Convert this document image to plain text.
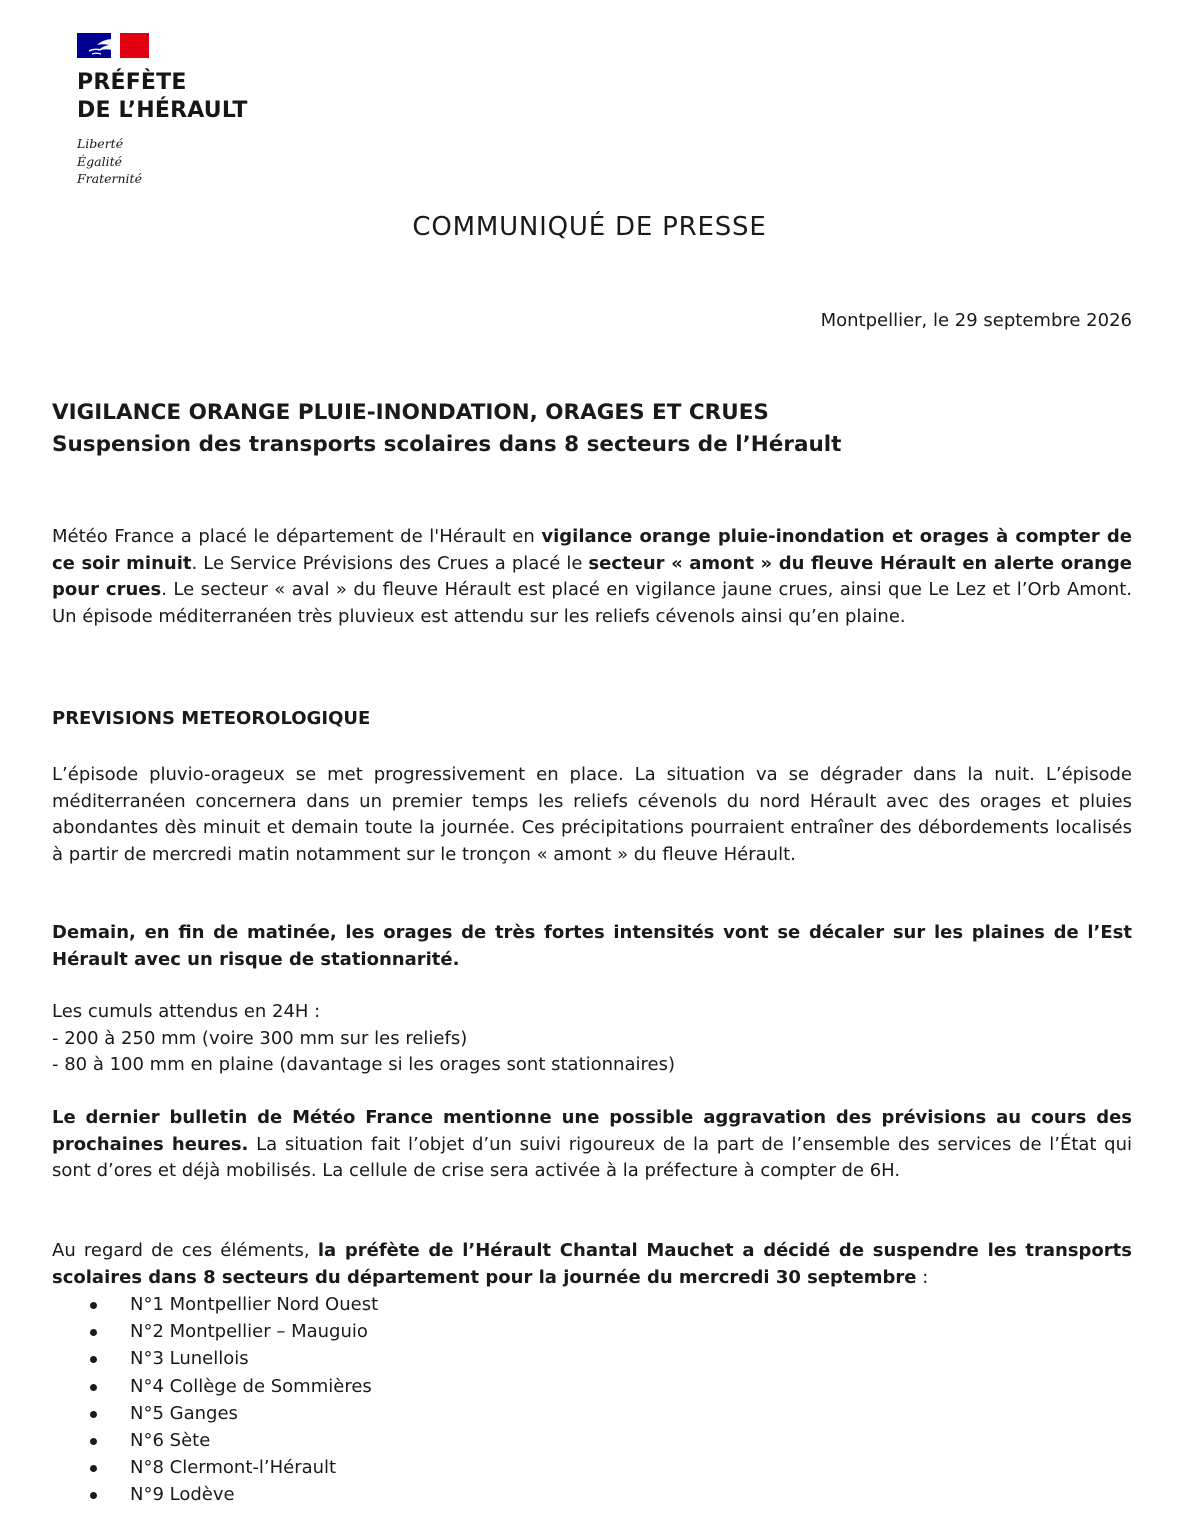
PRÉFÈTE
DE L’HÉRAULT
Liberté
Égalité
Fraternité
COMMUNIQUÉ DE PRESSE
Montpellier, le 29 septembre 2026
VIGILANCE ORANGE PLUIE-INONDATION, ORAGES ET CRUES
Suspension des transports scolaires dans 8 secteurs de l’Hérault
Météo France a placé le département de l'Hérault en vigilance orange pluie-inondation et orages à compter de ce soir minuit. Le Service Prévisions des Crues a placé le secteur « amont » du fleuve Hérault en alerte orange pour crues. Le secteur « aval » du fleuve Hérault est placé en vigilance jaune crues, ainsi que Le Lez et l’Orb Amont. Un épisode méditerranéen très pluvieux est attendu sur les reliefs cévenols ainsi qu’en plaine.
PREVISIONS METEOROLOGIQUE
L’épisode pluvio-orageux se met progressivement en place. La situation va se dégrader dans la nuit. L’épisode méditerranéen concernera dans un premier temps les reliefs cévenols du nord Hérault avec des orages et pluies abondantes dès minuit et demain toute la journée. Ces précipitations pourraient entraîner des débordements localisés à partir de mercredi matin notamment sur le tronçon « amont » du fleuve Hérault.
Demain, en fin de matinée, les orages de très fortes intensités vont se décaler sur les plaines de l’Est Hérault avec un risque de stationnarité.
Les cumuls attendus en 24H :
- 200 à 250 mm (voire 300 mm sur les reliefs)
- 80 à 100 mm en plaine (davantage si les orages sont stationnaires)
Le dernier bulletin de Météo France mentionne une possible aggravation des prévisions au cours des prochaines heures. La situation fait l’objet d’un suivi rigoureux de la part de l’ensemble des services de l’État qui sont d’ores et déjà mobilisés. La cellule de crise sera activée à la préfecture à compter de 6H.
Au regard de ces éléments, la préfète de l’Hérault Chantal Mauchet a décidé de suspendre les transports scolaires dans 8 secteurs du département pour la journée du mercredi 30 septembre :
N°1 Montpellier Nord Ouest
N°2 Montpellier – Mauguio
N°3 Lunellois
N°4 Collège de Sommières
N°5 Ganges
N°6 Sète
N°8 Clermont-l’Hérault
N°9 Lodève
